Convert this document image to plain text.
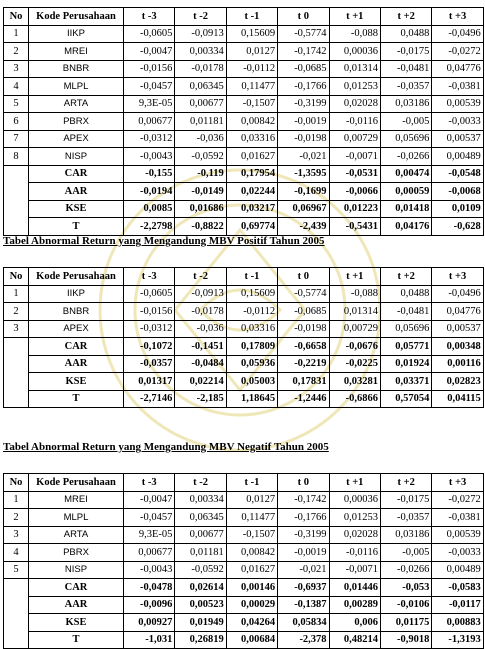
No	Kode Perusahaan	t -3	t -2	t -1	t 0	t +1	t +2	t +3
1	IIKP	-0,0605	-0,0913	0,15609	-0,5774	-0,088	0,0488	-0,0496
2	MREI	-0,0047	0,00334	0,0127	-0,1742	0,00036	-0,0175	-0,0272
3	BNBR	-0,0156	-0,0178	-0,0112	-0,0685	0,01314	-0,0481	0,04776
4	MLPL	-0,0457	0,06345	0,11477	-0,1766	0,01253	-0,0357	-0,0381
5	ARTA	9,3E-05	0,00677	-0,1507	-0,3199	0,02028	0,03186	0,00539
6	PBRX	0,00677	0,01181	0,00842	-0,0019	-0,0116	-0,005	-0,0033
7	APEX	-0,0312	-0,036	0,03316	-0,0198	0,00729	0,05696	0,00537
8	NISP	-0,0043	-0,0592	0,01627	-0,021	-0,0071	-0,0266	0,00489
	CAR	-0,155	-0,119	0,17954	-1,3595	-0,0531	0,00474	-0,0548
	AAR	-0,0194	-0,0149	0,02244	-0,1699	-0,0066	0,00059	-0,0068
	KSE	0,0085	0,01686	0,03217	0,06967	0,01223	0,01418	0,0109
	T	-2,2798	-0,8822	0,69774	-2,439	-0,5431	0,04176	-0,628
Tabel Abnormal Return yang Mengandung MBV Positif Tahun 2005
No	Kode Perusahaan	t -3	t -2	t -1	t 0	t +1	t +2	t +3
1	IIKP	-0,0605	-0,0913	0,15609	-0,5774	-0,088	0,0488	-0,0496
2	BNBR	-0,0156	-0,0178	-0,0112	-0,0685	0,01314	-0,0481	0,04776
3	APEX	-0,0312	-0,036	0,03316	-0,0198	0,00729	0,05696	0,00537
	CAR	-0,1072	-0,1451	0,17809	-0,6658	-0,0676	0,05771	0,00348
	AAR	-0,0357	-0,0484	0,05936	-0,2219	-0,0225	0,01924	0,00116
	KSE	0,01317	0,02214	0,05003	0,17831	0,03281	0,03371	0,02823
	T	-2,7146	-2,185	1,18645	-1,2446	-0,6866	0,57054	0,04115
Tabel Abnormal Return yang Mengandung MBV Negatif Tahun 2005
No	Kode Perusahaan	t -3	t -2	t -1	t 0	t +1	t +2	t +3
1	MREI	-0,0047	0,00334	0,0127	-0,1742	0,00036	-0,0175	-0,0272
2	MLPL	-0,0457	0,06345	0,11477	-0,1766	0,01253	-0,0357	-0,0381
3	ARTA	9,3E-05	0,00677	-0,1507	-0,3199	0,02028	0,03186	0,00539
4	PBRX	0,00677	0,01181	0,00842	-0,0019	-0,0116	-0,005	-0,0033
5	NISP	-0,0043	-0,0592	0,01627	-0,021	-0,0071	-0,0266	0,00489
	CAR	-0,0478	0,02614	0,00146	-0,6937	0,01446	-0,053	-0,0583
	AAR	-0,0096	0,00523	0,00029	-0,1387	0,00289	-0,0106	-0,0117
	KSE	0,00927	0,01949	0,04264	0,05834	0,006	0,01175	0,00883
	T	-1,031	0,26819	0,00684	-2,378	0,48214	-0,9018	-1,3193
